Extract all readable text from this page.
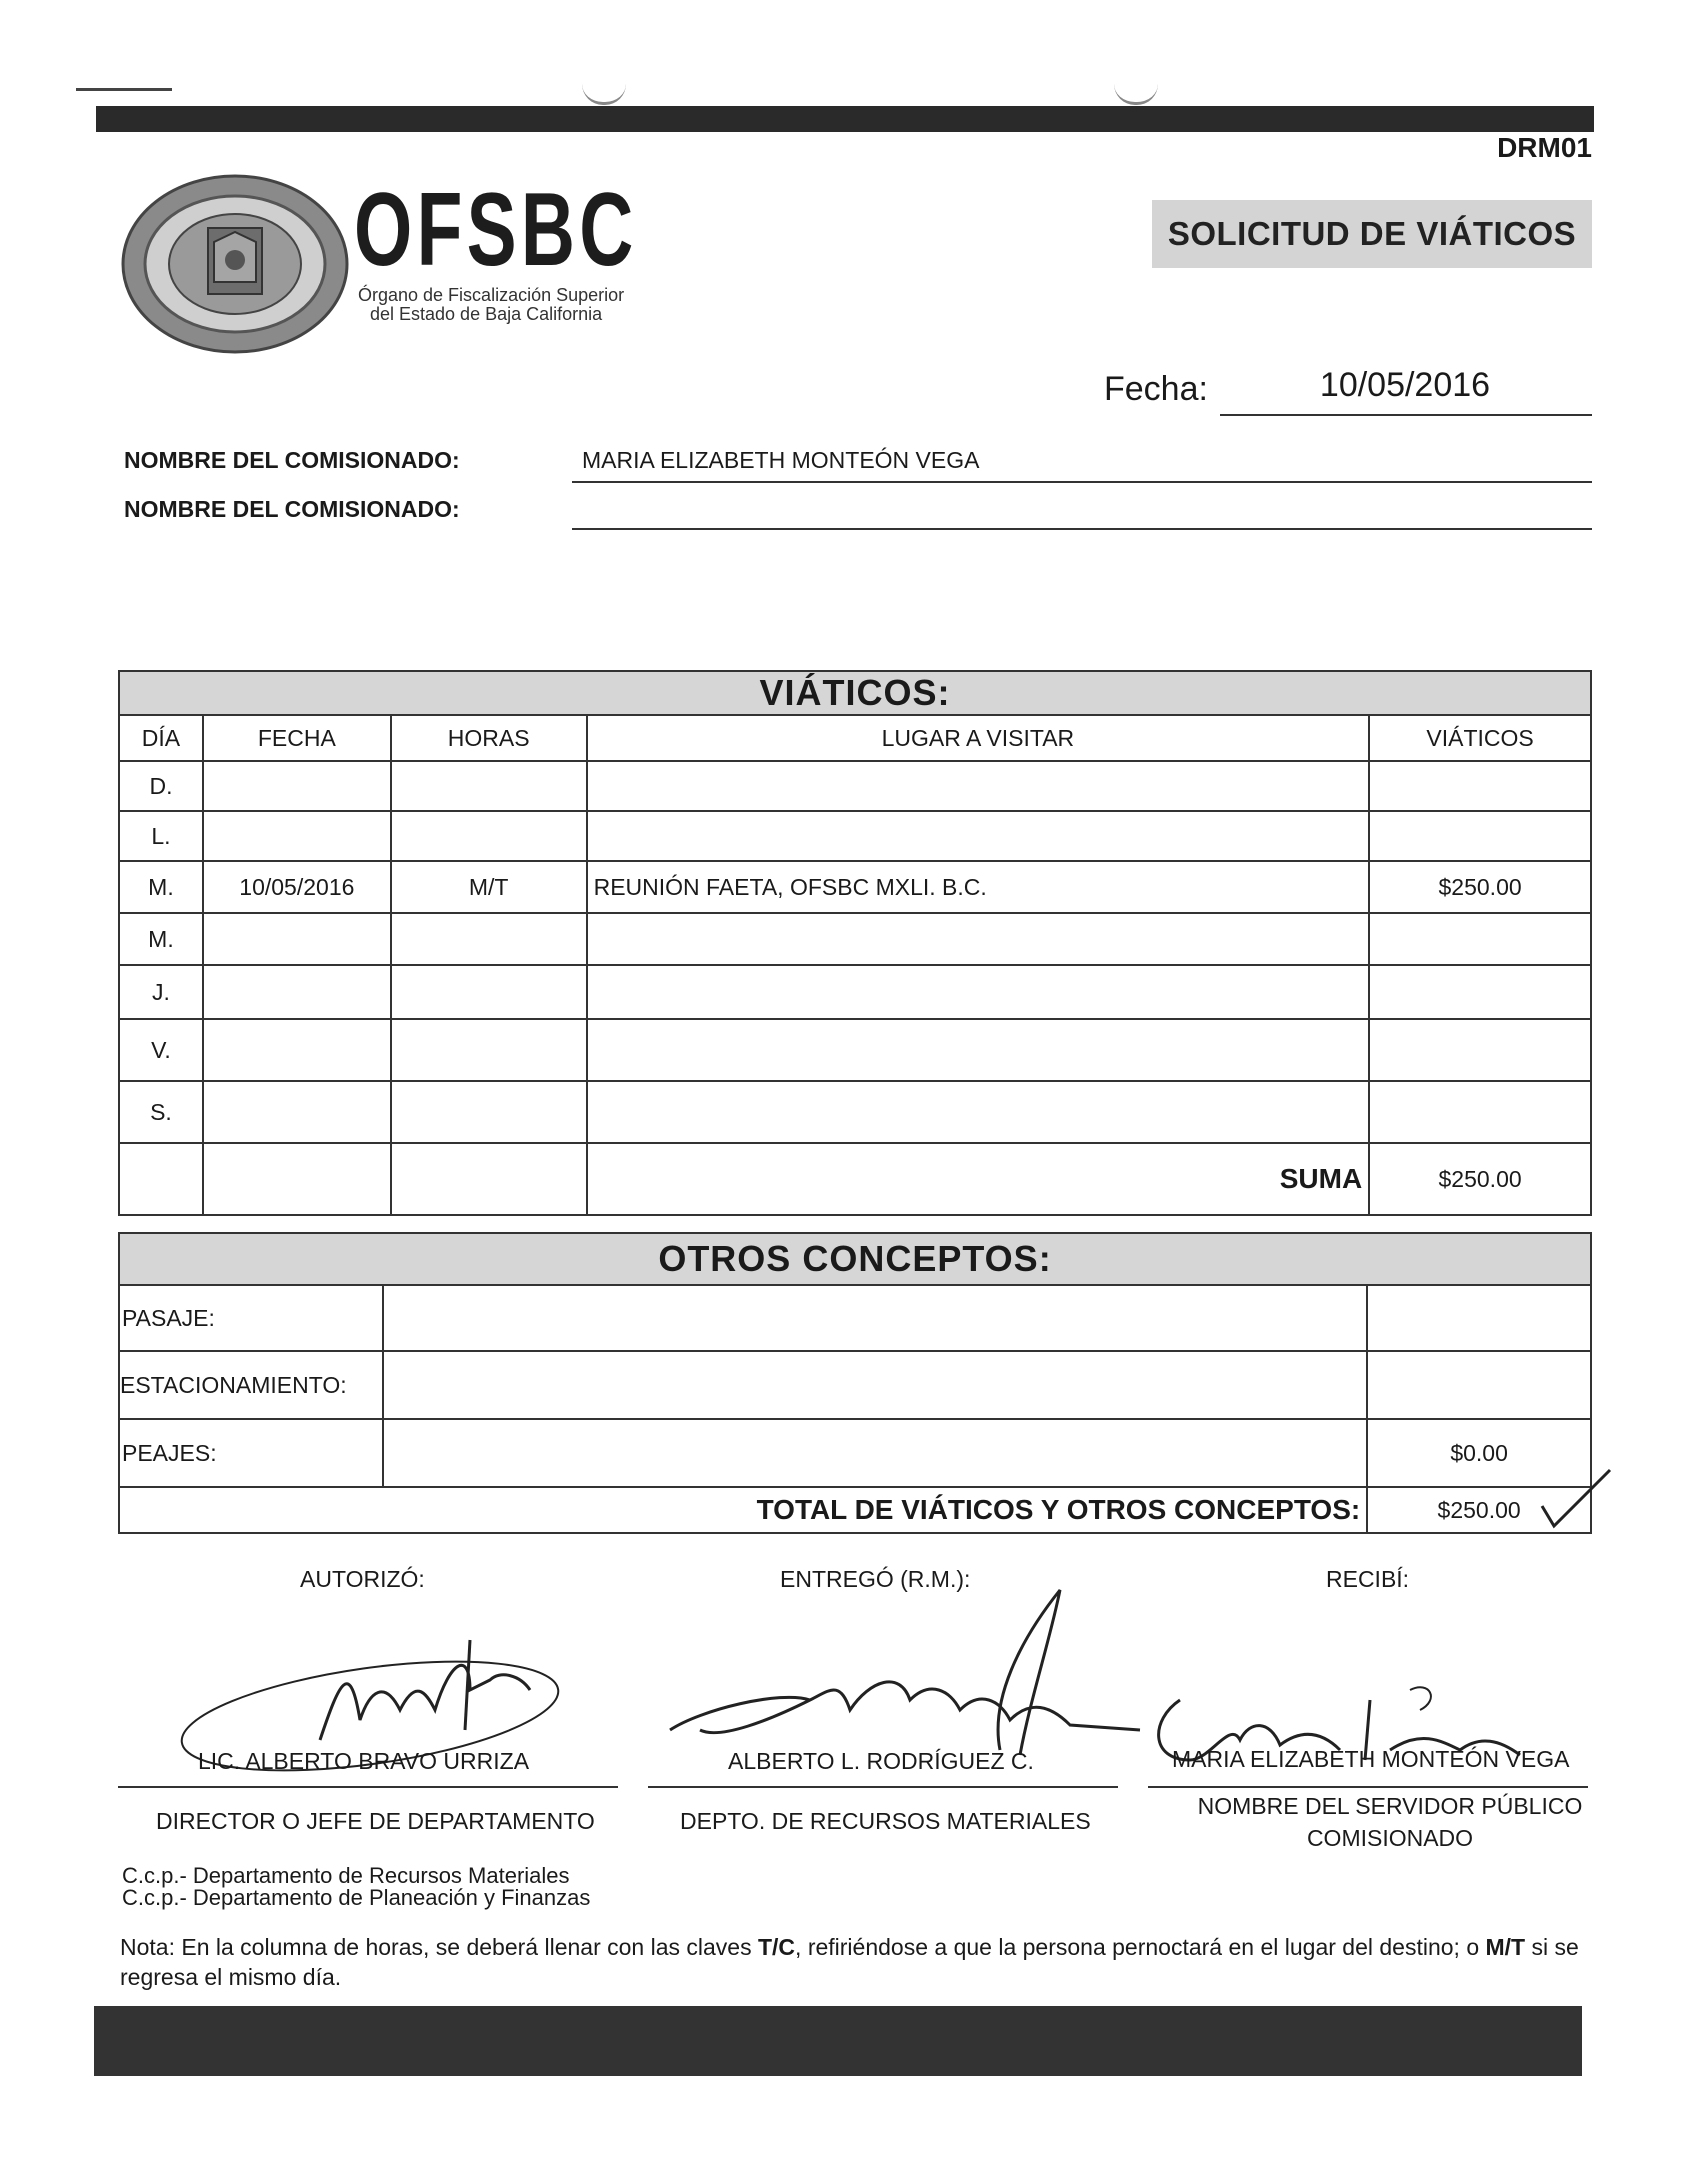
DRM01
OFSBC
Órgano de Fiscalización Superior
del Estado de Baja California
SOLICITUD DE VIÁTICOS
Fecha:	10/05/2016
NOMBRE DEL COMISIONADO:	MARIA ELIZABETH MONTEÓN VEGA
NOMBRE DEL COMISIONADO:
VIÁTICOS:				
DÍA	FECHA	HORAS	LUGAR A VISITAR	VIÁTICOS
D.				
L.				
M.	10/05/2016	M/T	REUNIÓN FAETA, OFSBC MXLI. B.C.	$250.00
M.				
J.				
V.				
S.				
			SUMA	$250.00
OTROS CONCEPTOS:		
PASAJE:		
ESTACIONAMIENTO:		
PEAJES:		$0.00
TOTAL DE VIÁTICOS Y OTROS CONCEPTOS:		$250.00
AUTORIZÓ:	ENTREGÓ (R.M.):	RECIBÍ:
LIC. ALBERTO BRAVO URRIZA	ALBERTO L. RODRÍGUEZ C.	MARIA ELIZABETH MONTEÓN VEGA
DIRECTOR O JEFE DE DEPARTAMENTO	DEPTO. DE RECURSOS MATERIALES
NOMBRE DEL SERVIDOR PÚBLICO
COMISIONADO
C.c.p.- Departamento de Recursos Materiales
C.c.p.- Departamento de Planeación y Finanzas
Nota: En la columna de horas, se deberá llenar con las claves T/C, refiriéndose a que la persona pernoctará en el lugar del destino; o M/T si se regresa el mismo día.
